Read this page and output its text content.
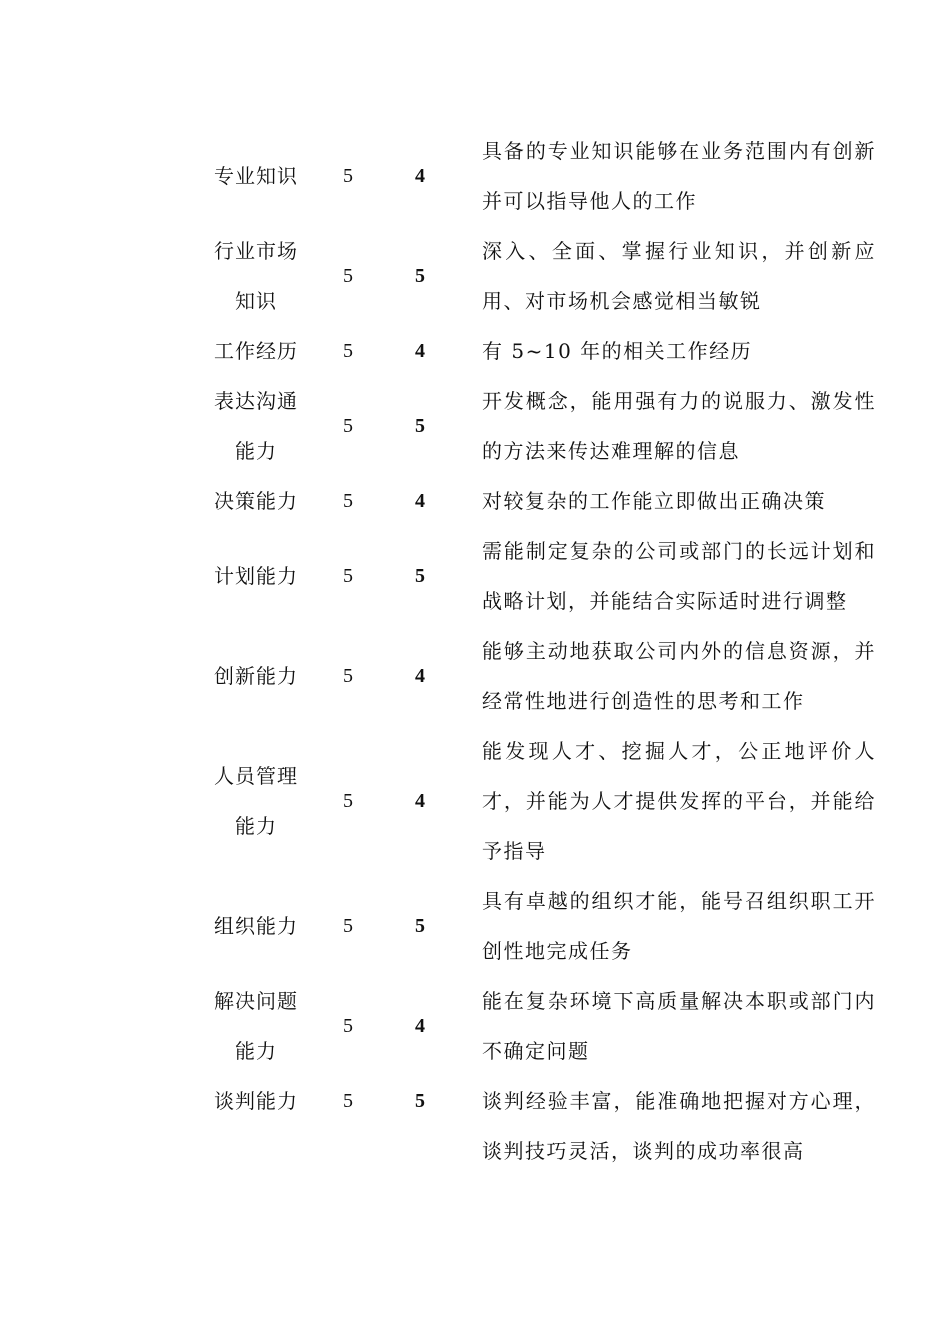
专业知识	5	4	具备的专业知识能够在业务范围内有创新并可以指导他人的工作
行业市场
知识	5	5	深入、全面、掌握行业知识，并创新应用、对市场机会感觉相当敏锐
工作经历	5	4	有 5~10 年的相关工作经历
表达沟通
能力	5	5	开发概念，能用强有力的说服力、激发性的方法来传达难理解的信息
决策能力	5	4	对较复杂的工作能立即做出正确决策
计划能力	5	5	需能制定复杂的公司或部门的长远计划和战略计划，并能结合实际适时进行调整
创新能力	5	4	能够主动地获取公司内外的信息资源，并经常性地进行创造性的思考和工作
人员管理
能力	5	4	能发现人才、挖掘人才，公正地评价人才，并能为人才提供发挥的平台，并能给予指导
组织能力	5	5	具有卓越的组织才能，能号召组织职工开创性地完成任务
解决问题
能力	5	4	能在复杂环境下高质量解决本职或部门内不确定问题
谈判能力	5	5	谈判经验丰富，能准确地把握对方心理，谈判技巧灵活，谈判的成功率很高
